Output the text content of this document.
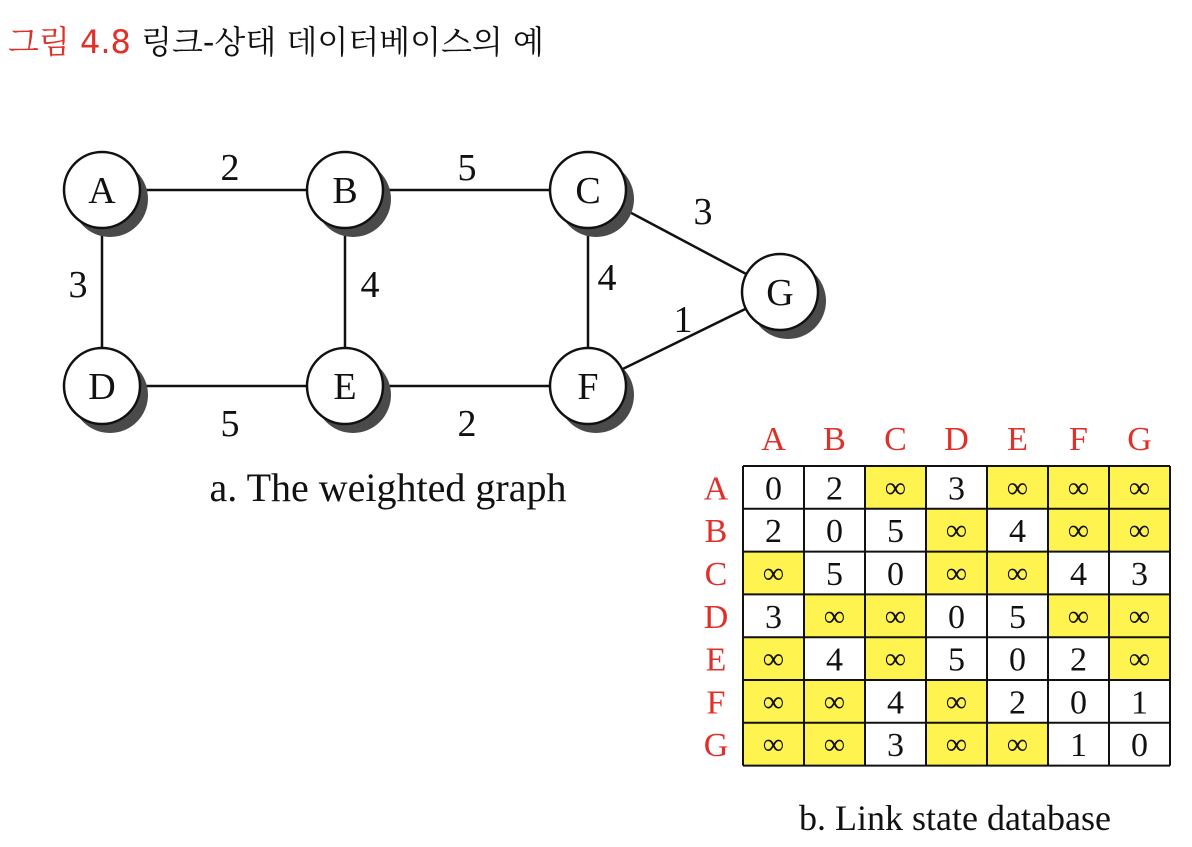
그림 4.8 링크-상태 데이터베이스의 예
2	5
3
3	4	4
1
5	2
A	B	C
D	E	F
G
a. The weighted graph
A B C D E F G
A 0 2 ∞ 3 ∞ ∞ ∞
B 2 0 5 ∞ 4 ∞ ∞
C ∞ 5 0 ∞ ∞ 4 3
D 3 ∞ ∞ 0 5 ∞ ∞
E ∞ 4 ∞ 5 0 2 ∞
F ∞ ∞ 4 ∞ 2 0 1
G ∞ ∞ 3 ∞ ∞ 1 0
b. Link state database
